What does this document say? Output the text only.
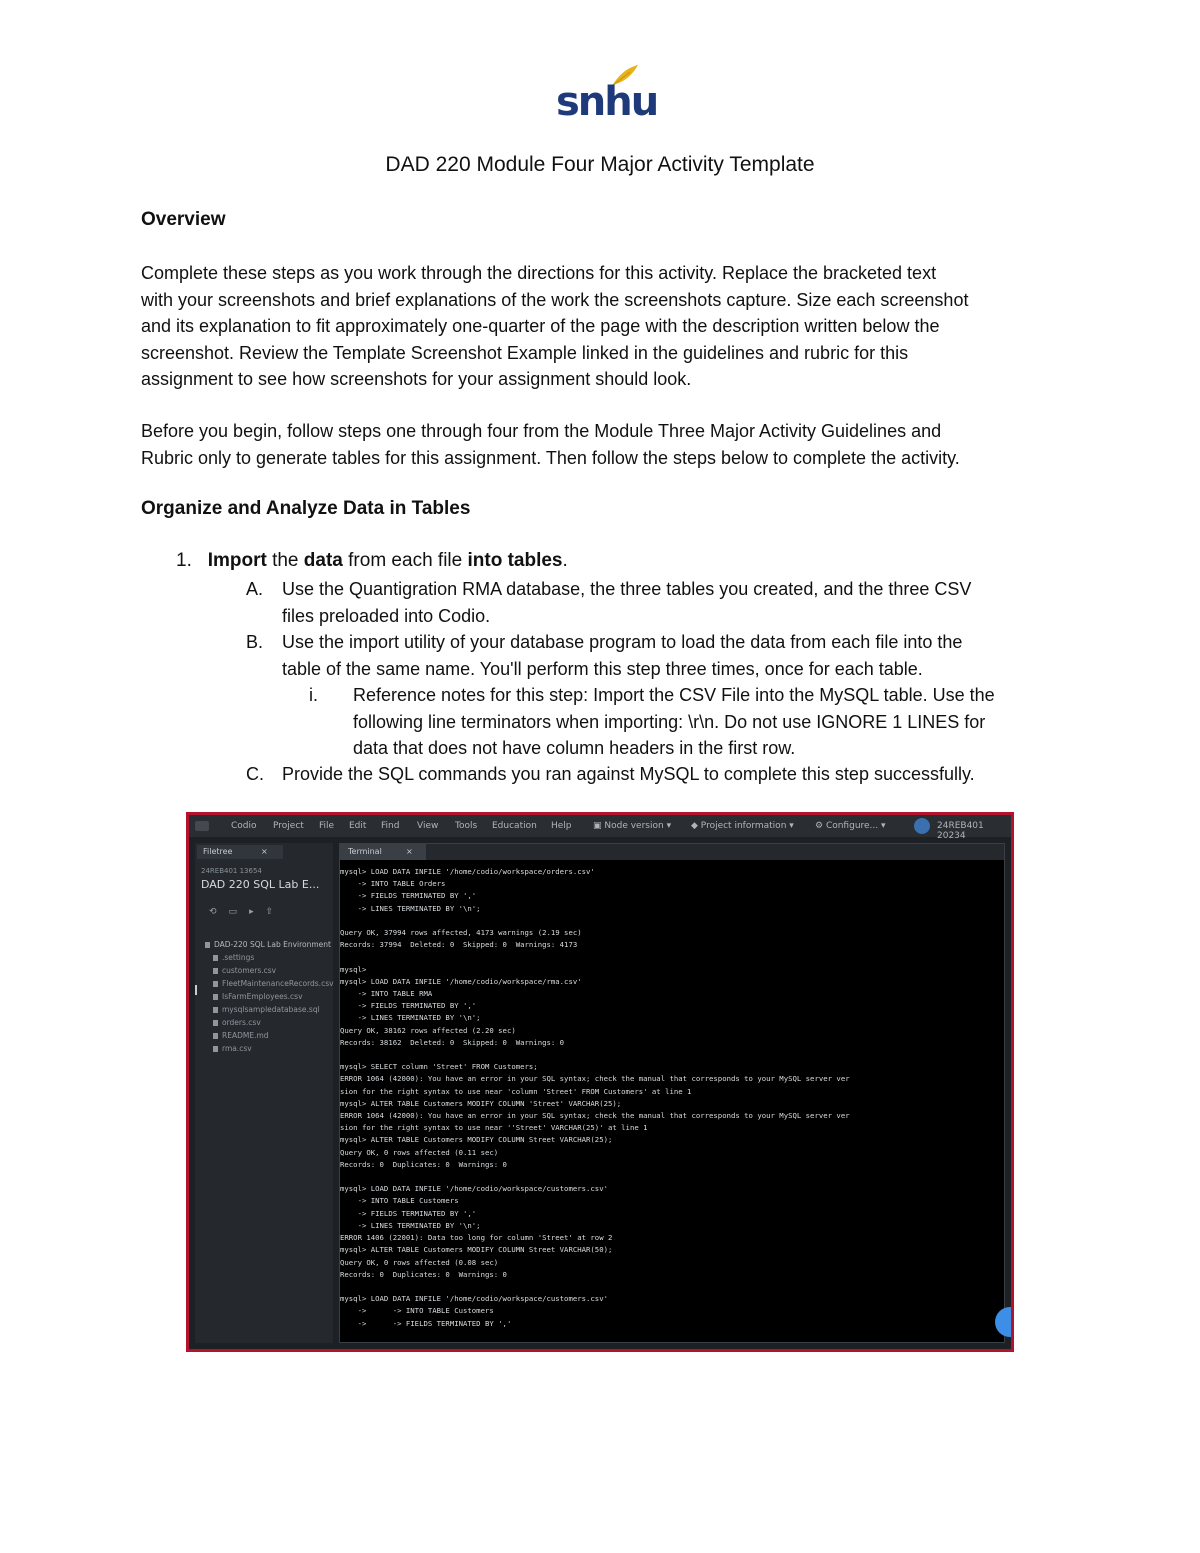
snhu
DAD 220 Module Four Major Activity Template
Overview

Complete these steps as you work through the directions for this activity. Replace the bracketed text
with your screenshots and brief explanations of the work the screenshots capture. Size each screenshot
and its explanation to fit approximately one-quarter of the page with the description written below the
screenshot. Review the Template Screenshot Example linked in the guidelines and rubric for this
assignment to see how screenshots for your assignment should look.

Before you begin, follow steps one through four from the Module Three Major Activity Guidelines and
Rubric only to generate tables for this assignment. Then follow the steps below to complete the activity.

Organize and Analyze Data in Tables
1. Import the data from each file into tables.

A. Use the Quantigration RMA database, the three tables you created, and the three CSV
files preloaded into Codio.

B. Use the import utility of your database program to load the data from each file into the
table of the same name. You'll perform this step three times, once for each table.

i. Reference notes for this step: Import the CSV File into the MySQL table. Use the
following line terminators when importing: \r\n. Do not use IGNORE 1 LINES for
data that does not have column headers in the first row.

C. Provide the SQL commands you ran against MySQL to complete this step successfully.

Codio Project File Edit Find View Tools Education Help ▣ Node version ▾ ◆ Project information ▾ ⚙ Configure... ▾	24REB401 20234
Filetree	×
24REB401 13654
DAD 220 SQL Lab E...
⟲▭▸⇧
DAD-220 SQL Lab Environment
.settings
customers.csv
FleetMaintenanceRecords.csv
IsFarmEmployees.csv
mysqlsampledatabase.sql
orders.csv
README.md
rma.csv
Terminal	×
mysql> LOAD DATA INFILE '/home/codio/workspace/orders.csv'
-> INTO TABLE Orders
-> FIELDS TERMINATED BY ','
-> LINES TERMINATED BY '\n';

Query OK, 37994 rows affected, 4173 warnings (2.19 sec)
Records: 37994  Deleted: 0  Skipped: 0  Warnings: 4173

mysql>
mysql> LOAD DATA INFILE '/home/codio/workspace/rma.csv'
-> INTO TABLE RMA
-> FIELDS TERMINATED BY ','
-> LINES TERMINATED BY '\n';
Query OK, 38162 rows affected (2.20 sec)
Records: 38162  Deleted: 0  Skipped: 0  Warnings: 0

mysql> SELECT column 'Street' FROM Customers;
ERROR 1064 (42000): You have an error in your SQL syntax; check the manual that corresponds to your MySQL server ver
sion for the right syntax to use near 'column 'Street' FROM Customers' at line 1
mysql> ALTER TABLE Customers MODIFY COLUMN 'Street' VARCHAR(25);
ERROR 1064 (42000): You have an error in your SQL syntax; check the manual that corresponds to your MySQL server ver
sion for the right syntax to use near ''Street' VARCHAR(25)' at line 1
mysql> ALTER TABLE Customers MODIFY COLUMN Street VARCHAR(25);
Query OK, 0 rows affected (0.11 sec)
Records: 0  Duplicates: 0  Warnings: 0

mysql> LOAD DATA INFILE '/home/codio/workspace/customers.csv'
-> INTO TABLE Customers
-> FIELDS TERMINATED BY ','
-> LINES TERMINATED BY '\n';
ERROR 1406 (22001): Data too long for column 'Street' at row 2
mysql> ALTER TABLE Customers MODIFY COLUMN Street VARCHAR(50);
Query OK, 0 rows affected (0.08 sec)
Records: 0  Duplicates: 0  Warnings: 0

mysql> LOAD DATA INFILE '/home/codio/workspace/customers.csv'
->      -> INTO TABLE Customers
->      -> FIELDS TERMINATED BY ','
